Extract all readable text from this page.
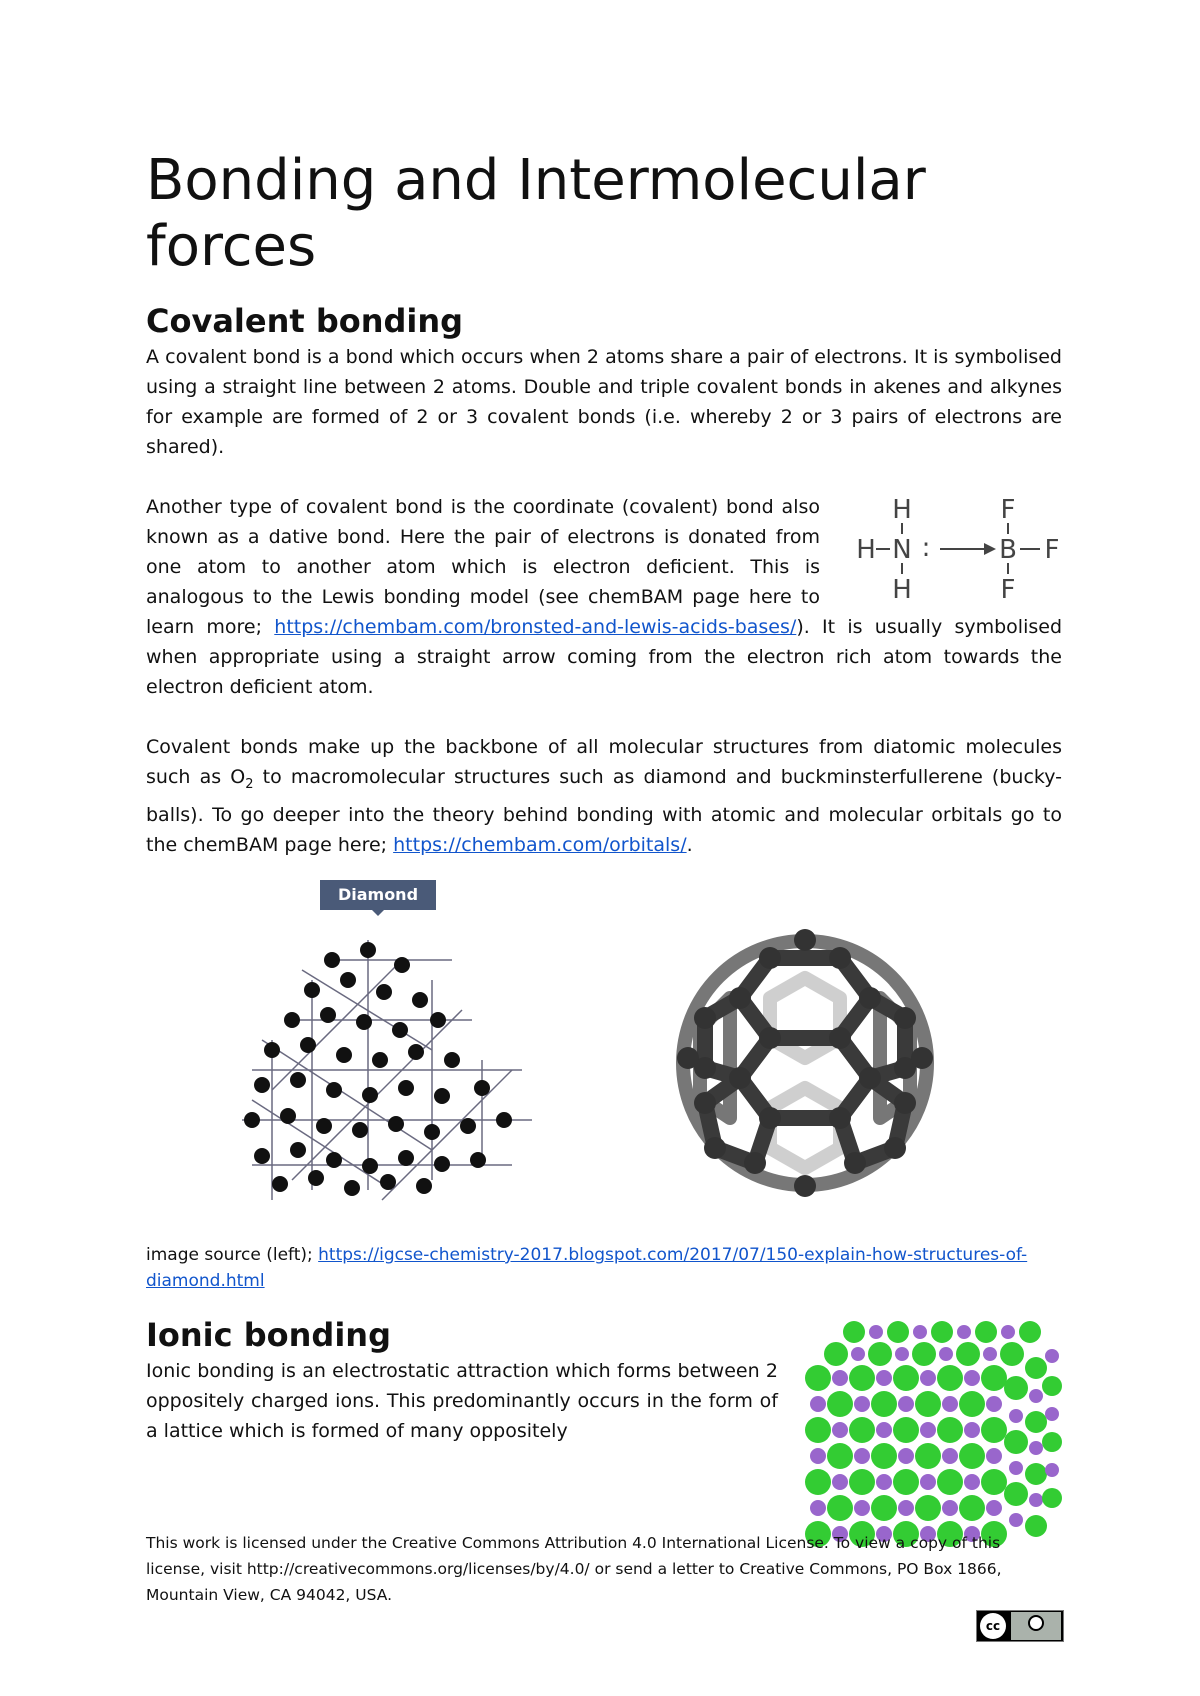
Bonding and Intermolecular forces
Covalent bonding

A covalent bond is a bond which occurs when 2 atoms share a pair of electrons. It is symbolised using a straight line between 2 atoms. Double and triple covalent bonds in akenes and alkynes for example are formed of 2 or 3 covalent bonds (i.e. whereby 2 or 3 pairs of electrons are shared).

H
H N
H
:
F
B F
F

Another type of covalent bond is the coordinate (covalent) bond also known as a dative bond. Here the pair of electrons is donated from one atom to another atom which is electron deficient. This is analogous to the Lewis bonding model (see chemBAM page here to learn more; https://chembam.com/bronsted-and-lewis-acids-bases/). It is usually symbolised when appropriate using a straight arrow coming from the electron rich atom towards the electron deficient atom.

Covalent bonds make up the backbone of all molecular structures from diatomic molecules such as $O_2$ to macromolecular structures such as diamond and buckminsterfullerene (bucky-balls). To go deeper into the theory behind bonding with atomic and molecular orbitals go to the chemBAM page here; https://chembam.com/orbitals/.

Diamond

image source (left); https://igcse-chemistry-2017.blogspot.com/2017/07/150-explain-how-structures-of-diamond.html

Ionic bonding

Ionic bonding is an electrostatic attraction which forms between 2 oppositely charged ions. This predominantly occurs in the form of a lattice which is formed of many oppositely

This work is licensed under the Creative Commons Attribution 4.0 International License. To view a copy of this license, visit http://creativecommons.org/licenses/by/4.0/ or send a letter to Creative Commons, PO Box 1866, Mountain View, CA 94042, USA.

cc
